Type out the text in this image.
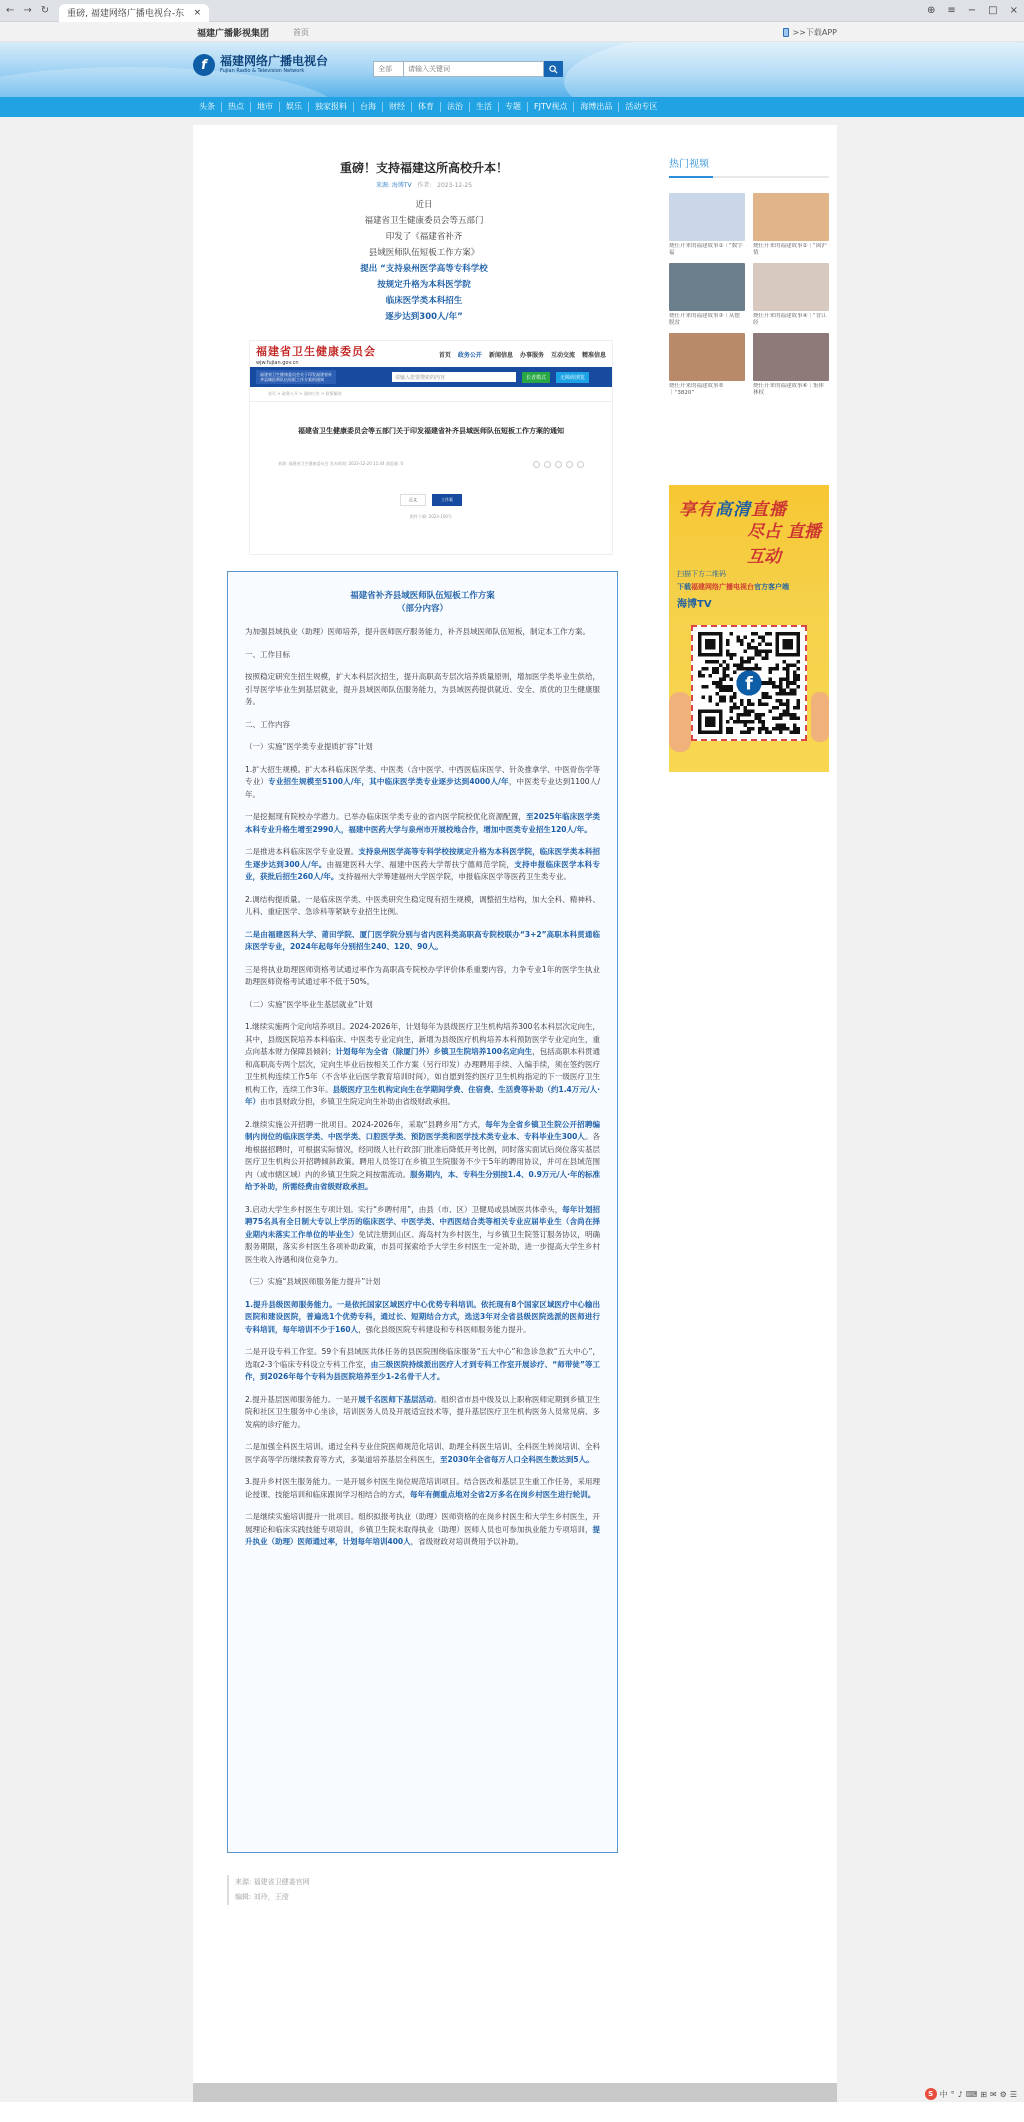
← → ↻ 重磅, 福建网络广播电视台-东 ×	⊕ ≡ − □ ×
福建广播影视集团	首页	>>下载APP
f	福建网络广播电视台
Fujian Radio & Television Network	全部
请输入关键词
头条	热点	地市	娱乐	独家报料	台海	财经	体育	法治	生活	专题	FJTV视点	海博出品	活动专区
重磅！支持福建这所高校升本！
来源: 海博TV 作者: 2023-12-25
近日
福建省卫生健康委员会等五部门
印发了《福建省补齐
县域医师队伍短板工作方案》
提出 “支持泉州医学高等专科学校
按规定升格为本科医学院
临床医学类本科招生
逐步达到300人/年”
福建省卫生健康委员会
wjw.fujian.gov.cn
首页 政务公开 新闻信息 办事服务 互动交流 精准信息
福建省卫生健康委员会关于印发福建省补齐县域医师队伍短板工作方案的通知	请输入您要搜索的内容	长者模式	无障碍浏览
首页 > 政务公开 > 通知公告 > 政策解读
福建省卫生健康委员会等五部门关于印发福建省补齐县域医师队伍短板工作方案的通知
来源: 福建省卫生健康委员会 发布时间: 2023-12-20 11:44 浏览量: 0
正文	工作案
附件下载: 2023-100号
福建省补齐县域医师队伍短板工作方案
（部分内容）

为加强县域执业（助理）医师培养，提升医师医疗服务能力，补齐县域医师队伍短板，制定本工作方案。

一、工作目标

按照稳定研究生招生规模，扩大本科层次招生，提升高职高专层次培养质量原则，增加医学类毕业生供给，引导医学毕业生到基层就业，提升县域医师队伍服务能力，为县域医药提供就近、安全、质优的卫生健康服务。

二、工作内容

（一）实施“医学类专业提质扩容”计划

1.扩大招生规模。扩大本科临床医学类、中医类（含中医学、中西医临床医学、针灸推拿学、中医骨伤学等专业）专业招生规模至5100人/年，其中临床医学类专业逐步达到4000人/年，中医类专业达到1100人/年。

一是挖掘现有院校办学潜力。已举办临床医学类专业的省内医学院校优化资源配置，至2025年临床医学类本科专业升格生增至2990人，福建中医药大学与泉州市开展校地合作，增加中医类专业招生120人/年。

二是推进本科临床医学专业设置。支持泉州医学高等专科学校按规定升格为本科医学院，临床医学类本科招生逐步达到300人/年。由福建医科大学、福建中医药大学帮扶宁德师范学院，支持申报临床医学本科专业，获批后招生260人/年。支持福州大学筹建福州大学医学院，申报临床医学等医药卫生类专业。

2.调结构提质量。一是临床医学类、中医类研究生稳定现有招生规模，调整招生结构，加大全科、精神科、儿科、重症医学、急诊科等紧缺专业招生比例。

二是由福建医科大学、莆田学院、厦门医学院分别与省内医科类高职高专院校联办“3+2”高职本科贯通临床医学专业，2024年起每年分别招生240、120、90人。

三是将执业助理医师资格考试通过率作为高职高专院校办学评价体系重要内容，力争专业1年的医学生执业助理医师资格考试通过率不低于50%。

（二）实施“医学毕业生基层就业”计划

1.继续实施两个定向培养项目。2024-2026年，计划每年为县级医疗卫生机构培养300名本科层次定向生，其中，县级医院培养本科临床、中医类专业定向生，新增为县级医疗机构培养本科预防医学专业定向生，重点向基本财力保障县倾斜；计划每年为全省（除厦门外）乡镇卫生院培养100名定向生，包括高职本科贯通和高职高专两个层次，定向生毕业后按相关工作方案（另行印发）办理聘用手续、入编手续，须在签约医疗卫生机构连续工作5年（不含毕业后医学教育培训时间），如自愿到签约医疗卫生机构指定的下一级医疗卫生机构工作，连续工作3年。县级医疗卫生机构定向生在学期间学费、住宿费、生活费等补助（约1.4万元/人·年）由市县财政分担，乡镇卫生院定向生补助由省级财政承担。

2.继续实施公开招聘一批项目。2024-2026年，采取“县聘乡用”方式，每年为全省乡镇卫生院公开招聘编制内岗位的临床医学类、中医学类、口腔医学类、预防医学类和医学技术类专业本、专科毕业生300人。各地根据招聘时，可根据实际情况，经同级人社行政部门批准后降低开考比例，同时落实面试后岗位落实基层医疗卫生机构公开招聘倾斜政策。聘用人员签订在乡镇卫生院服务不少于5年的聘用协议，并可在县域范围内（或市辖区域）内的乡镇卫生院之间按需流动。服务期内，本、专科生分别按1.4、0.9万元/人·年的标准给予补助，所需经费由省级财政承担。

3.启动大学生乡村医生专项计划。实行“乡聘村用”，由县（市、区）卫健局或县域医共体牵头，每年计划招聘75名具有全日制大专以上学历的临床医学、中医学类、中西医结合类等相关专业应届毕业生（含尚在择业期内未落实工作单位的毕业生）免试注册到山区、海岛村为乡村医生，与乡镇卫生院签订服务协议，明确服务期限，落实乡村医生各项补助政策，市县可探索给予大学生乡村医生一定补助，进一步提高大学生乡村医生收入待遇和岗位竞争力。

（三）实施“县域医师服务能力提升”计划

1.提升县级医师服务能力。一是依托国家区域医疗中心优势专科培训。依托现有8个国家区域医疗中心输出医院和建设医院，普遍选1个优势专科，通过长、短期结合方式，选送3年对全省县级医院选派的医师进行专科培训，每年培训不少于160人，强化县级医院专科建设和专科医师服务能力提升。

二是开设专科工作室。59个有县域医共体任务的县医院围绕临床服务“五大中心”和急诊急救“五大中心”，选取2-3个临床专科设立专科工作室，由三级医院持续派出医疗人才到专科工作室开展诊疗、“师带徒”等工作，到2026年每个专科为县医院培养至少1-2名骨干人才。

2.提升基层医师服务能力。一是开展千名医师下基层活动。组织省市县中级及以上职称医师定期到乡镇卫生院和社区卫生服务中心坐诊，培训医务人员及开展适宜技术等，提升基层医疗卫生机构医务人员常见病、多发病的诊疗能力。

二是加强全科医生培训。通过全科专业住院医师规范化培训、助理全科医生培训、全科医生转岗培训、全科医学高等学历继续教育等方式，多渠道培养基层全科医生，至2030年全省每万人口全科医生数达到5人。

3.提升乡村医生服务能力。一是开展乡村医生岗位规范培训项目。结合医改和基层卫生重工作任务，采用理论授课、技能培训和临床跟岗学习相结合的方式，每年有侧重点地对全省2万多名在岗乡村医生进行轮训。

二是继续实施培训提升一批项目。组织拟报考执业（助理）医师资格的在岗乡村医生和大学生乡村医生，开展理论和临床实践技能专项培训，乡镇卫生院未取得执业（助理）医师人员也可参加执业能力专项培训，提升执业（助理）医师通过率，计划每年培训400人，省级财政对培训费用予以补助。

来源: 福建省卫健委官网
编辑: 刘玲，王滢
热门视频
烧任开来的福建故事①｜“数字福
烧任开来的福建故事②｜“闽沪情
烧任开来的福建故事③｜从摆脱贫
烧任开来的福建故事④｜“晋江经
烧任开来的福建故事⑤｜“3820”
烧任开来的福建故事⑥｜集体林权
享有高清直播
尽占 直播互动
扫描下方二维码
下载福建网络广播电视台官方客户端
海博TV
f
S 中 ° ♪ ⌨ ⊞ ✉ ⚙ ☰
